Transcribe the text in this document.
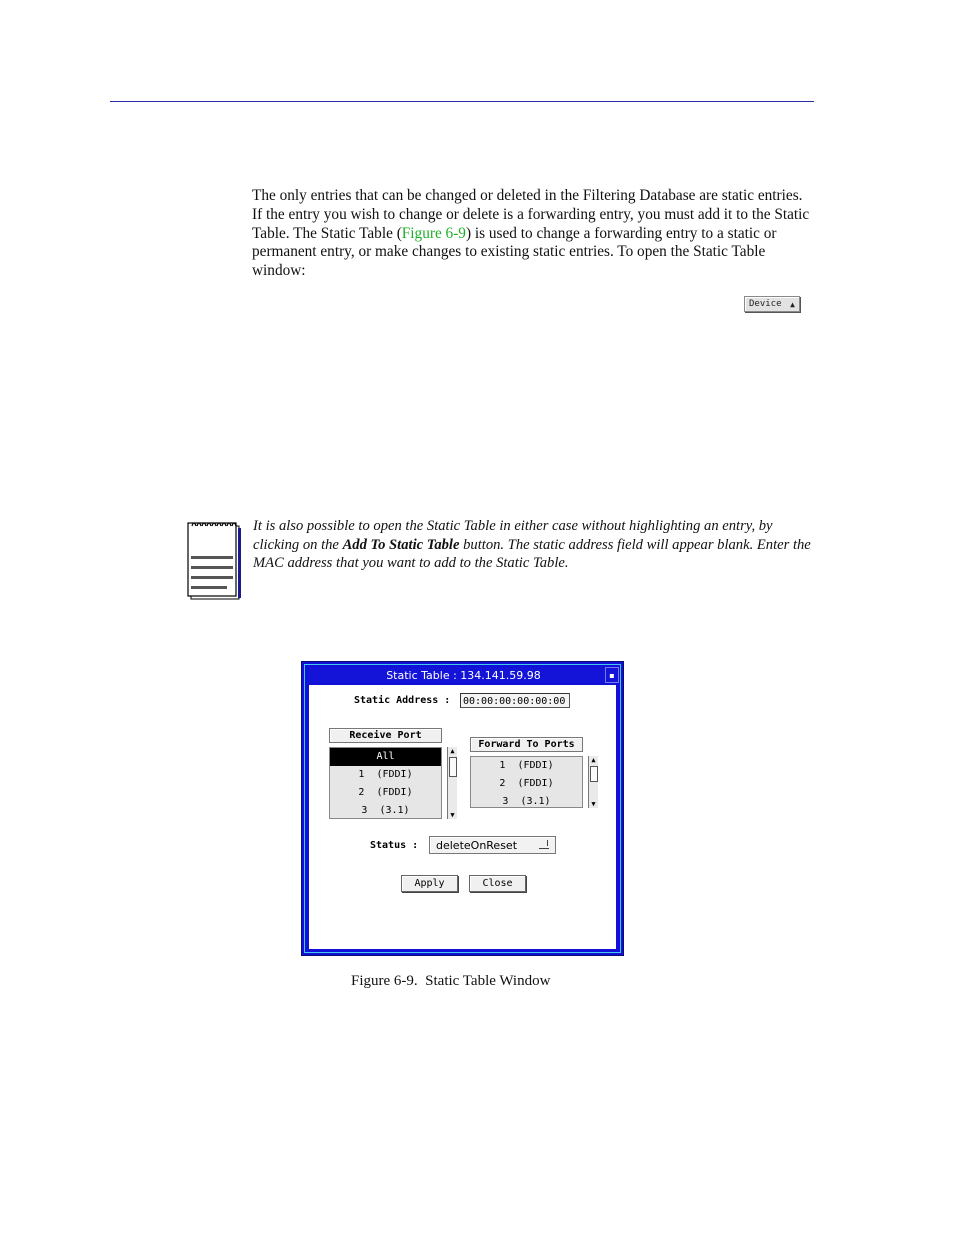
The only entries that can be changed or deleted in the Filtering Database are static entries. If the entry you wish to change or delete is a forwarding entry, you must add it to the Static Table. The Static Table (Figure 6-9) is used to change a forwarding entry to a static or permanent entry, or make changes to existing static entries. To open the Static Table window:

Device ▲

It is also possible to open the Static Table in either case without highlighting an entry, by clicking on the Add To Static Table button. The static address field will appear blank. Enter the MAC address that you want to add to the Static Table.

Static Table : 134.141.59.98	▪
Static Address :	00:00:00:00:00:00
Receive Port
All
1  (FDDI)
2  (FDDI)
3  (3.1)
▲
▼
Forward To Ports
1  (FDDI)
2  (FDDI)
3  (3.1)
▲
▼
Status :	deleteOnReset
Apply	Close
Figure 6-9.  Static Table Window
